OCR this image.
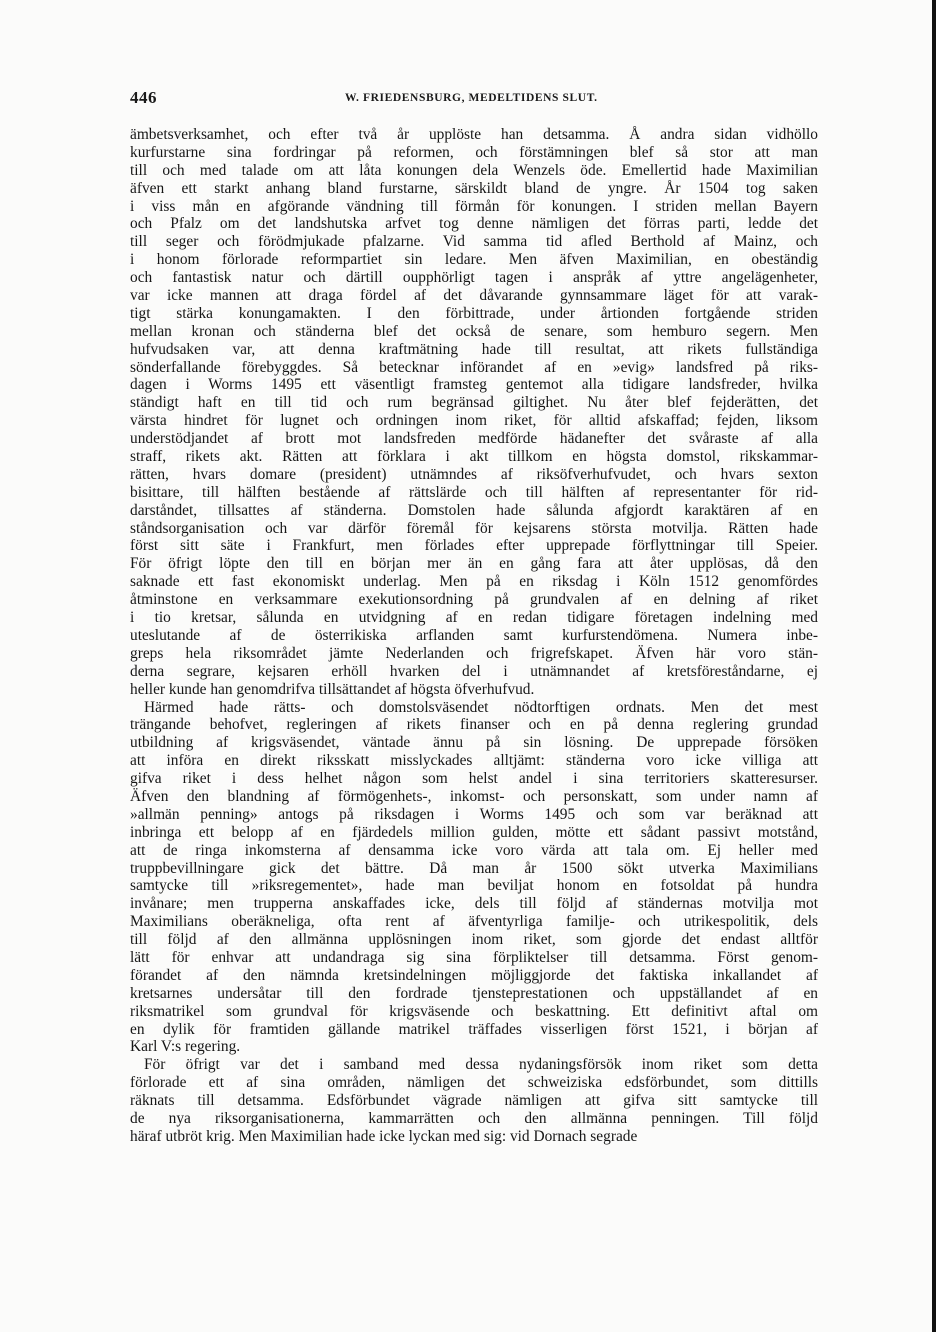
446	W. FRIEDENSBURG, MEDELTIDENS SLUT.
ämbetsverksamhet, och efter två år upplöste han detsamma. Å andra sidan vidhöllo
kurfurstarne sina fordringar på reformen, och förstämningen blef så stor att man
till och med talade om att låta konungen dela Wenzels öde. Emellertid hade Maximilian
äfven ett starkt anhang bland furstarne, särskildt bland de yngre. År 1504 tog saken
i viss mån en afgörande vändning till förmån för konungen. I striden mellan Bayern
och Pfalz om det landshutska arfvet tog denne nämligen det förras parti, ledde det
till seger och förödmjukade pfalzarne. Vid samma tid afled Berthold af Mainz, och
i honom förlorade reformpartiet sin ledare. Men äfven Maximilian, en obeständig
och fantastisk natur och därtill oupphörligt tagen i anspråk af yttre angelägenheter,
var icke mannen att draga fördel af det dåvarande gynnsammare läget för att varak-
tigt stärka konungamakten. I den förbittrade, under årtionden fortgående striden
mellan kronan och ständerna blef det också de senare, som hemburo segern. Men
hufvudsaken var, att denna kraftmätning hade till resultat, att rikets fullständiga
sönderfallande förebyggdes. Så betecknar införandet af en »evig» landsfred på riks-
dagen i Worms 1495 ett väsentligt framsteg gentemot alla tidigare landsfreder, hvilka
ständigt haft en till tid och rum begränsad giltighet. Nu åter blef fejderätten, det
värsta hindret för lugnet och ordningen inom riket, för alltid afskaffad; fejden, liksom
understödjandet af brott mot landsfreden medförde hädanefter det svåraste af alla
straff, rikets akt. Rätten att förklara i akt tillkom en högsta domstol, rikskammar-
rätten, hvars domare (president) utnämndes af riksöfverhufvudet, och hvars sexton
bisittare, till hälften bestående af rättslärde och till hälften af representanter för rid-
darståndet, tillsattes af ständerna. Domstolen hade sålunda afgjordt karaktären af en
ståndsorganisation och var därför föremål för kejsarens största motvilja. Rätten hade
först sitt säte i Frankfurt, men förlades efter upprepade förflyttningar till Speier.
För öfrigt löpte den till en början mer än en gång fara att åter upplösas, då den
saknade ett fast ekonomiskt underlag. Men på en riksdag i Köln 1512 genomfördes
åtminstone en verksammare exekutionsordning på grundvalen af en delning af riket
i tio kretsar, sålunda en utvidgning af en redan tidigare företagen indelning med
uteslutande af de österrikiska arflanden samt kurfurstendömena. Numera inbe-
greps hela riksområdet jämte Nederlanden och frigrefskapet. Äfven här voro stän-
derna segrare, kejsaren erhöll hvarken del i utnämnandet af kretsföreståndarne, ej
heller kunde han genomdrifva tillsättandet af högsta öfverhufvud.
Härmed hade rätts- och domstolsväsendet nödtorftigen ordnats. Men det mest
trängande behofvet, regleringen af rikets finanser och en på denna reglering grundad
utbildning af krigsväsendet, väntade ännu på sin lösning. De upprepade försöken
att införa en direkt riksskatt misslyckades alltjämt: ständerna voro icke villiga att
gifva riket i dess helhet någon som helst andel i sina territoriers skatteresurser.
Äfven den blandning af förmögenhets-, inkomst- och personskatt, som under namn af
»allmän penning» antogs på riksdagen i Worms 1495 och som var beräknad att
inbringa ett belopp af en fjärdedels million gulden, mötte ett sådant passivt motstånd,
att de ringa inkomsterna af densamma icke voro värda att tala om. Ej heller med
truppbevillningare gick det bättre. Då man år 1500 sökt utverka Maximilians
samtycke till »riksregementet», hade man beviljat honom en fotsoldat på hundra
invånare; men trupperna anskaffades icke, dels till följd af ständernas motvilja mot
Maximilians oberäkneliga, ofta rent af äfventyrliga familje- och utrikespolitik, dels
till följd af den allmänna upplösningen inom riket, som gjorde det endast alltför
lätt för enhvar att undandraga sig sina förpliktelser till detsamma. Först genom-
förandet af den nämnda kretsindelningen möjliggjorde det faktiska inkallandet af
kretsarnes undersåtar till den fordrade tjensteprestationen och uppställandet af en
riksmatrikel som grundval för krigsväsende och beskattning. Ett definitivt aftal om
en dylik för framtiden gällande matrikel träffades visserligen först 1521, i början af
Karl V:s regering.
För öfrigt var det i samband med dessa nydaningsförsök inom riket som detta
förlorade ett af sina områden, nämligen det schweiziska edsförbundet, som dittills
räknats till detsamma. Edsförbundet vägrade nämligen att gifva sitt samtycke till
de nya riksorganisationerna, kammarrätten och den allmänna penningen. Till följd
häraf utbröt krig. Men Maximilian hade icke lyckan med sig: vid Dornach segrade
